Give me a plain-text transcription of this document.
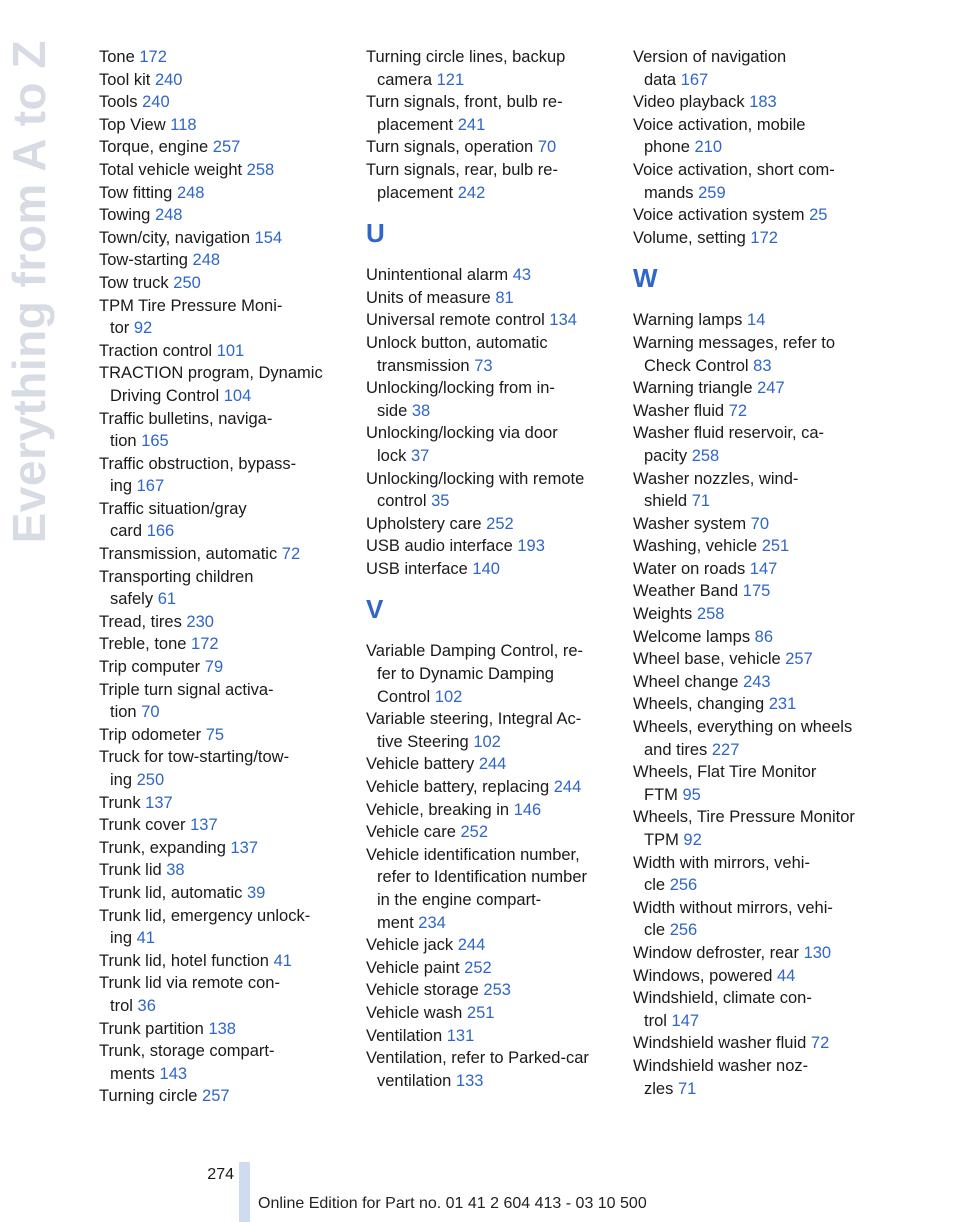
Everything from A to Z	Tone 172
Tool kit 240
Tools 240
Top View 118
Torque, engine 257
Total vehicle weight 258
Tow fitting 248
Towing 248
Town/city, navigation 154
Tow-starting 248
Tow truck 250
TPM Tire Pressure Moni-
tor 92
Traction control 101
TRACTION program, Dynamic
Driving Control 104
Traffic bulletins, naviga-
tion 165
Traffic obstruction, bypass-
ing 167
Traffic situation/gray
card 166
Transmission, automatic 72
Transporting children
safely 61
Tread, tires 230
Treble, tone 172
Trip computer 79
Triple turn signal activa-
tion 70
Trip odometer 75
Truck for tow-starting/tow-
ing 250
Trunk 137
Trunk cover 137
Trunk, expanding 137
Trunk lid 38
Trunk lid, automatic 39
Trunk lid, emergency unlock-
ing 41
Trunk lid, hotel function 41
Trunk lid via remote con-
trol 36
Trunk partition 138
Trunk, storage compart-
ments 143
Turning circle 257
Turning circle lines, backup
camera 121
Turn signals, front, bulb re-
placement 241
Turn signals, operation 70
Turn signals, rear, bulb re-
placement 242
U
Unintentional alarm 43
Units of measure 81
Universal remote control 134
Unlock button, automatic
transmission 73
Unlocking/locking from in-
side 38
Unlocking/locking via door
lock 37
Unlocking/locking with remote
control 35
Upholstery care 252
USB audio interface 193
USB interface 140
V
Variable Damping Control, re-
fer to Dynamic Damping
Control 102
Variable steering, Integral Ac-
tive Steering 102
Vehicle battery 244
Vehicle battery, replacing 244
Vehicle, breaking in 146
Vehicle care 252
Vehicle identification number,
refer to Identification number
in the engine compart-
ment 234
Vehicle jack 244
Vehicle paint 252
Vehicle storage 253
Vehicle wash 251
Ventilation 131
Ventilation, refer to Parked-car
ventilation 133
Version of navigation
data 167
Video playback 183
Voice activation, mobile
phone 210
Voice activation, short com-
mands 259
Voice activation system 25
Volume, setting 172
W
Warning lamps 14
Warning messages, refer to
Check Control 83
Warning triangle 247
Washer fluid 72
Washer fluid reservoir, ca-
pacity 258
Washer nozzles, wind-
shield 71
Washer system 70
Washing, vehicle 251
Water on roads 147
Weather Band 175
Weights 258
Welcome lamps 86
Wheel base, vehicle 257
Wheel change 243
Wheels, changing 231
Wheels, everything on wheels
and tires 227
Wheels, Flat Tire Monitor
FTM 95
Wheels, Tire Pressure Monitor
TPM 92
Width with mirrors, vehi-
cle 256
Width without mirrors, vehi-
cle 256
Window defroster, rear 130
Windows, powered 44
Windshield, climate con-
trol 147
Windshield washer fluid 72
Windshield washer noz-
zles 71
274
Online Edition for Part no. 01 41 2 604 413 - 03 10 500
